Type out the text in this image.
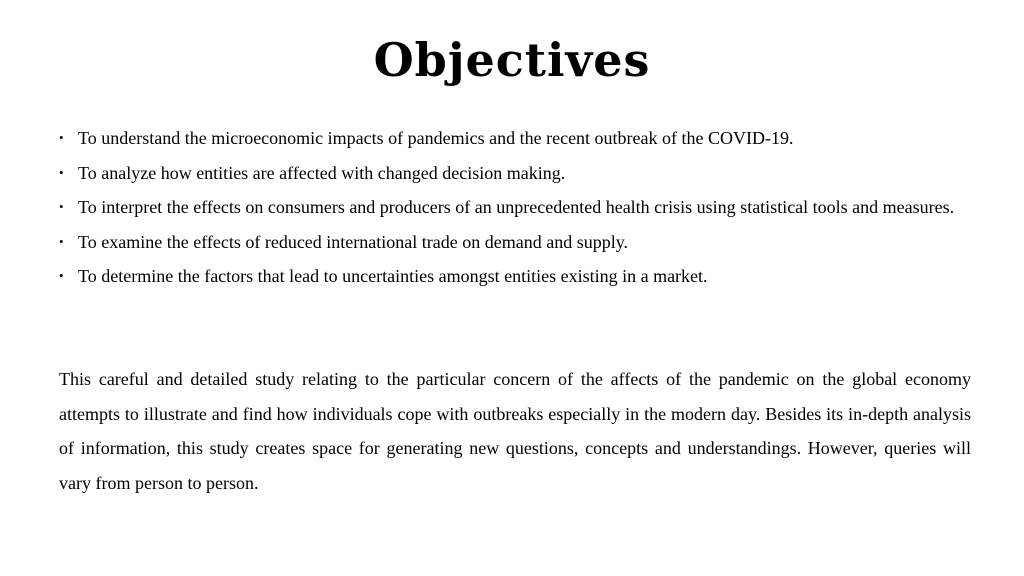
Objectives
• To understand the microeconomic impacts of pandemics and the recent outbreak of the COVID-19.
• To analyze how entities are affected with changed decision making.
• To interpret the effects on consumers and producers of an unprecedented health crisis using statistical tools and measures.
• To examine the effects of reduced international trade on demand and supply.
• To determine the factors that lead to uncertainties amongst entities existing in a market.

This careful and detailed study relating to the particular concern of the affects of the pandemic on the global economy attempts to illustrate and find how individuals cope with outbreaks especially in the modern day. Besides its in-depth analysis of information, this study creates space for generating new questions, concepts and understandings. However, queries will vary from person to person.
